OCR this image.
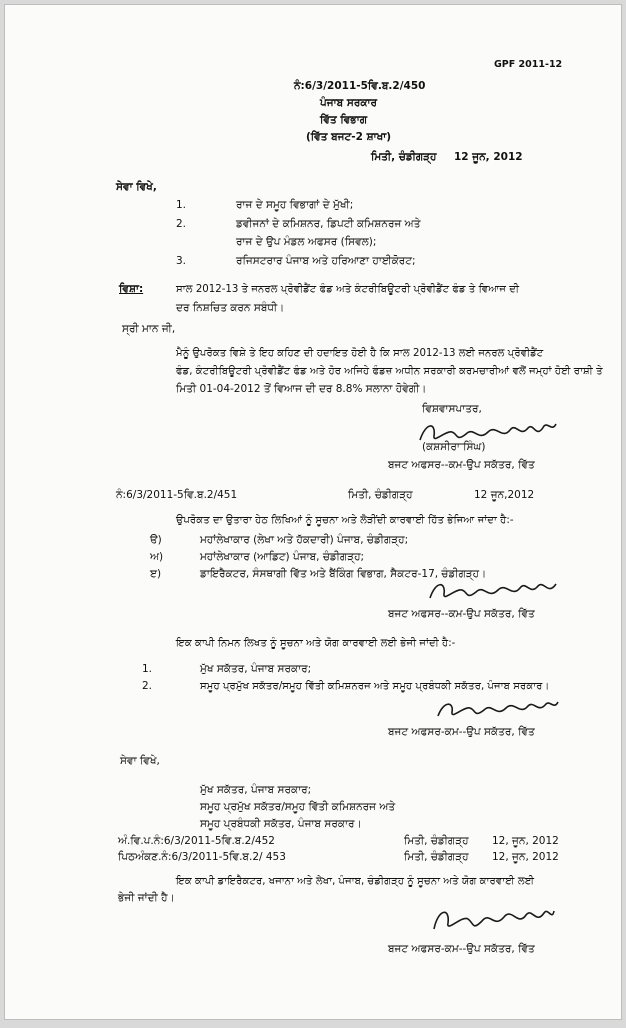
GPF 2011-12
ਨੰ:6/3/2011-5ਵਿ.ਬ.2/450
ਪੰਜਾਬ ਸਰਕਾਰ
ਵਿੱਤ ਵਿਭਾਗ
(ਵਿੱਤ ਬਜਟ-2 ਸ਼ਾਖਾ)
ਮਿਤੀ, ਚੰਡੀਗੜ੍ਹ 12 ਜੂਨ, 2012
ਸੇਵਾ ਵਿਖੇ,
1.	ਰਾਜ ਦੇ ਸਮੂਹ ਵਿਭਾਗਾਂ ਦੇ ਮੁੱਖੀ;
2.	ਡਵੀਜਨਾਂ ਦੇ ਕਮਿਸ਼ਨਰ, ਡਿਪਟੀ ਕਮਿਸ਼ਨਰਜ ਅਤੇ
ਰਾਜ ਦੇ ਉਪ ਮੰਡਲ ਅਫਸਰ (ਸਿਵਲ);
3.	ਰਜਿਸਟਰਾਰ ਪੰਜਾਬ ਅਤੇ ਹਰਿਆਣਾ ਹਾਈਕੋਰਟ;
ਵਿਸ਼ਾ:	ਸਾਲ 2012-13 ਤੇ ਜਨਰਲ ਪ੍ਰੋਵੀਡੈਂਟ ਫੰਡ ਅਤੇ ਕੰਟਰੀਬਿਊਟਰੀ ਪ੍ਰੋਵੀਡੈਂਟ ਫੰਡ ਤੇ ਵਿਆਜ ਦੀ
ਦਰ ਨਿਸ਼ਚਿਤ ਕਰਨ ਸਬੰਧੀ।
ਸ੍ਰੀ ਮਾਨ ਜੀ,
ਮੈਨੂੰ ਉਪਰੋਕਤ ਵਿਸ਼ੇ ਤੇ ਇਹ ਕਹਿਣ ਦੀ ਹਦਾਇਤ ਹੋਈ ਹੈ ਕਿ ਸਾਲ 2012-13 ਲਈ ਜਨਰਲ ਪ੍ਰੋਵੀਡੈਂਟ
ਫੰਡ, ਕੰਟਰੀਬਿਊਟਰੀ ਪ੍ਰੋਵੀਡੈਂਟ ਫੰਡ ਅਤੇ ਹੋਰ ਅਜਿਹੇ ਫੰਡਜ਼ ਅਧੀਨ ਸਰਕਾਰੀ ਕਰਮਚਾਰੀਆਂ ਵਲੋਂ ਜਮ੍ਹਾਂ ਹੋਈ ਰਾਸ਼ੀ ਤੇ
ਮਿਤੀ 01-04-2012 ਤੋਂ ਵਿਆਜ ਦੀ ਦਰ 8.8% ਸਲਾਨਾ ਹੋਵੇਗੀ।
ਵਿਸ਼ਵਾਸਪਾਤਰ,
(ਕਸ਼ਮੀਰਾ ਸਿੰਘ)
ਬਜਟ ਅਫਸਰ--ਕਮ-ਉਪ ਸਕੱਤਰ, ਵਿੱਤ
ਨੰ:6/3/2011-5ਵਿ.ਬ.2/451	ਮਿਤੀ, ਚੰਡੀਗੜ੍ਹ	12 ਜੂਨ,2012
ਉਪਰੋਕਤ ਦਾ ਉਤਾਰਾ ਹੇਠ ਲਿਖਿਆਂ ਨੂੰ ਸੂਚਨਾ ਅਤੇ ਲੋੜੀਂਦੀ ਕਾਰਵਾਈ ਹਿੱਤ ਭੇਜਿਆ ਜਾਂਦਾ ਹੈ:-
ੳ)	ਮਹਾਂਲੇਖਾਕਾਰ (ਲੇਖਾ ਅਤੇ ਹੱਕਦਾਰੀ) ਪੰਜਾਬ, ਚੰਡੀਗੜ੍ਹ;
ਅ)	ਮਹਾਂਲੇਖਾਕਾਰ (ਆਡਿਟ) ਪੰਜਾਬ, ਚੰਡੀਗੜ੍ਹ;
ੲ)	ਡਾਇਰੈਕਟਰ, ਸੰਸਥਾਗੀ ਵਿੱਤ ਅਤੇ ਬੈਂਕਿੰਗ ਵਿਭਾਗ, ਸੈਕਟਰ-17, ਚੰਡੀਗੜ੍ਹ।
ਬਜਟ ਅਫਸਰ--ਕਮ-ਉਪ ਸਕੱਤਰ, ਵਿੱਤ
ਇਕ ਕਾਪੀ ਨਿਮਨ ਲਿਖਤ ਨੂੰ ਸੂਚਨਾ ਅਤੇ ਯੋਗ ਕਾਰਵਾਈ ਲਈ ਭੇਜੀ ਜਾਂਦੀ ਹੈ:-
1.	ਮੁੱਖ ਸਕੱਤਰ, ਪੰਜਾਬ ਸਰਕਾਰ;
2.	ਸਮੂਹ ਪ੍ਰਮੁੱਖ ਸਕੱਤਰ/ਸਮੂਹ ਵਿੱਤੀ ਕਮਿਸ਼ਨਰਜ ਅਤੇ ਸਮੂਹ ਪ੍ਰਬੰਧਕੀ ਸਕੱਤਰ, ਪੰਜਾਬ ਸਰਕਾਰ।
ਬਜਟ ਅਫਸਰ-ਕਮ--ਉਪ ਸਕੱਤਰ, ਵਿੱਤ
ਸੇਵਾ ਵਿਖੇ,
ਮੁੱਖ ਸਕੱਤਰ, ਪੰਜਾਬ ਸਰਕਾਰ;
ਸਮੂਹ ਪ੍ਰਮੁੱਖ ਸਕੱਤਰ/ਸਮੂਹ ਵਿੱਤੀ ਕਮਿਸ਼ਨਰਜ ਅਤੇ
ਸਮੂਹ ਪ੍ਰਬੰਧਕੀ ਸਕੱਤਰ, ਪੰਜਾਬ ਸਰਕਾਰ।
ਅੰ.ਵਿ.ਪ.ਨੰ:6/3/2011-5ਵਿ.ਬ.2/452	ਮਿਤੀ, ਚੰਡੀਗੜ੍ਹ 12, ਜੂਨ, 2012
ਪਿਠਅੰਕਣ.ਨੰ:6/3/2011-5ਵਿ.ਬ.2/ 453	ਮਿਤੀ, ਚੰਡੀਗੜ੍ਹ 12, ਜੂਨ, 2012
ਇਕ ਕਾਪੀ ਡਾਇਰੈਕਟਰ, ਖਜਾਨਾ ਅਤੇ ਲੇਖਾ, ਪੰਜਾਬ, ਚੰਡੀਗੜ੍ਹ ਨੂੰ ਸੂਚਨਾ ਅਤੇ ਯੋਗ ਕਾਰਵਾਈ ਲਈ
ਭੇਜੀ ਜਾਂਦੀ ਹੈ।
ਬਜਟ ਅਫਸਰ-ਕਮ--ਉਪ ਸਕੱਤਰ, ਵਿੱਤ
